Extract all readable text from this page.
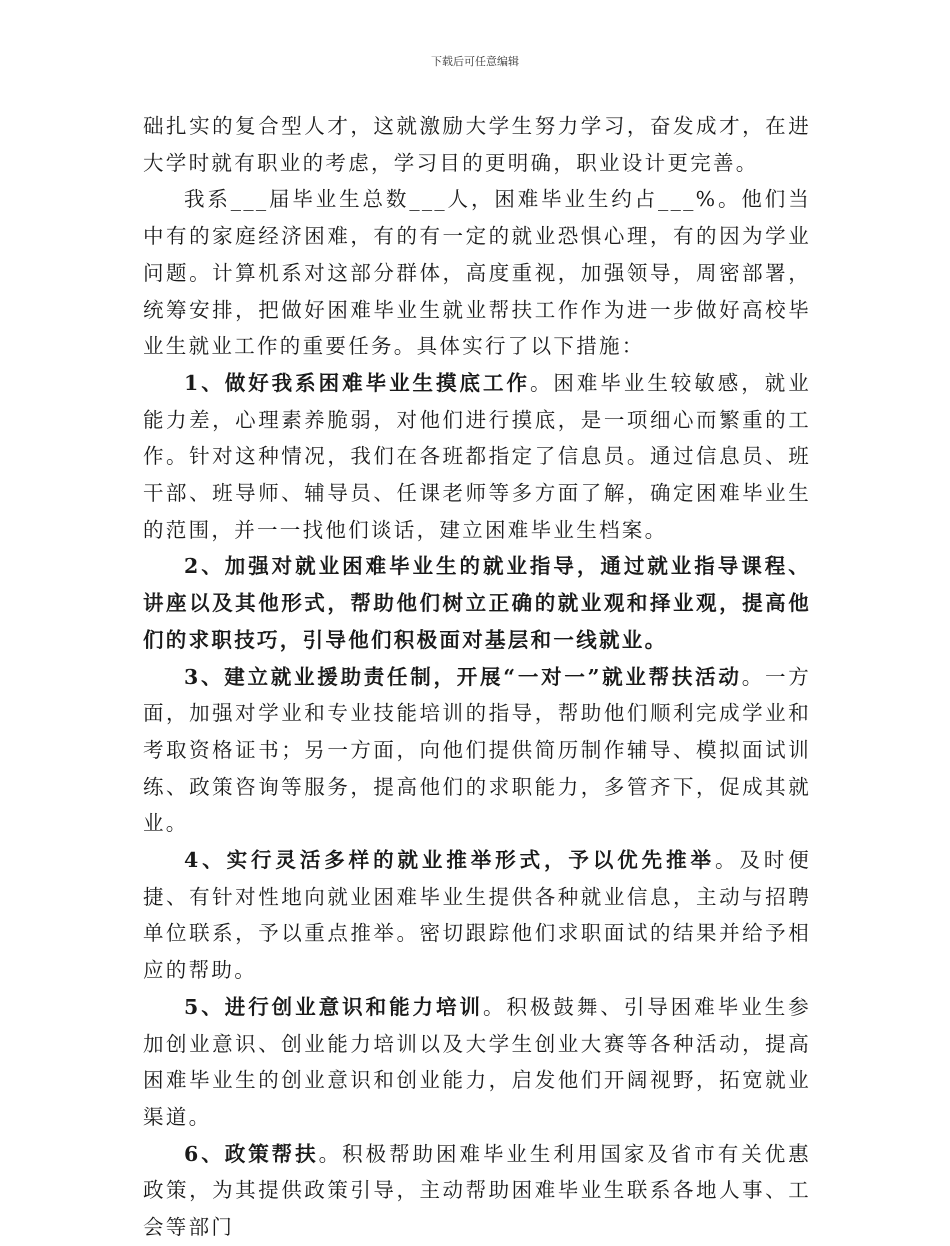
下载后可任意编辑

础扎实的复合型人才，这就激励大学生努力学习，奋发成才，在进大学时就有职业的考虑，学习目的更明确，职业设计更完善。

我系___届毕业生总数___人，困难毕业生约占___%。他们当中有的家庭经济困难，有的有一定的就业恐惧心理，有的因为学业问题。计算机系对这部分群体，高度重视，加强领导，周密部署，统筹安排，把做好困难毕业生就业帮扶工作作为进一步做好高校毕业生就业工作的重要任务。具体实行了以下措施：

1、做好我系困难毕业生摸底工作。困难毕业生较敏感，就业能力差，心理素养脆弱，对他们进行摸底，是一项细心而繁重的工作。针对这种情况，我们在各班都指定了信息员。通过信息员、班干部、班导师、辅导员、任课老师等多方面了解，确定困难毕业生的范围，并一一找他们谈话，建立困难毕业生档案。

2、加强对就业困难毕业生的就业指导，通过就业指导课程、讲座以及其他形式，帮助他们树立正确的就业观和择业观，提高他们的求职技巧，引导他们积极面对基层和一线就业。

3、建立就业援助责任制，开展“一对一”就业帮扶活动。一方面，加强对学业和专业技能培训的指导，帮助他们顺利完成学业和考取资格证书；另一方面，向他们提供简历制作辅导、模拟面试训练、政策咨询等服务，提高他们的求职能力，多管齐下，促成其就业。

4、实行灵活多样的就业推举形式，予以优先推举。及时便捷、有针对性地向就业困难毕业生提供各种就业信息，主动与招聘单位联系，予以重点推举。密切跟踪他们求职面试的结果并给予相应的帮助。

5、进行创业意识和能力培训。积极鼓舞、引导困难毕业生参加创业意识、创业能力培训以及大学生创业大赛等各种活动，提高困难毕业生的创业意识和创业能力，启发他们开阔视野，拓宽就业渠道。

6、政策帮扶。积极帮助困难毕业生利用国家及省市有关优惠政策，为其提供政策引导，主动帮助困难毕业生联系各地人事、工会等部门
